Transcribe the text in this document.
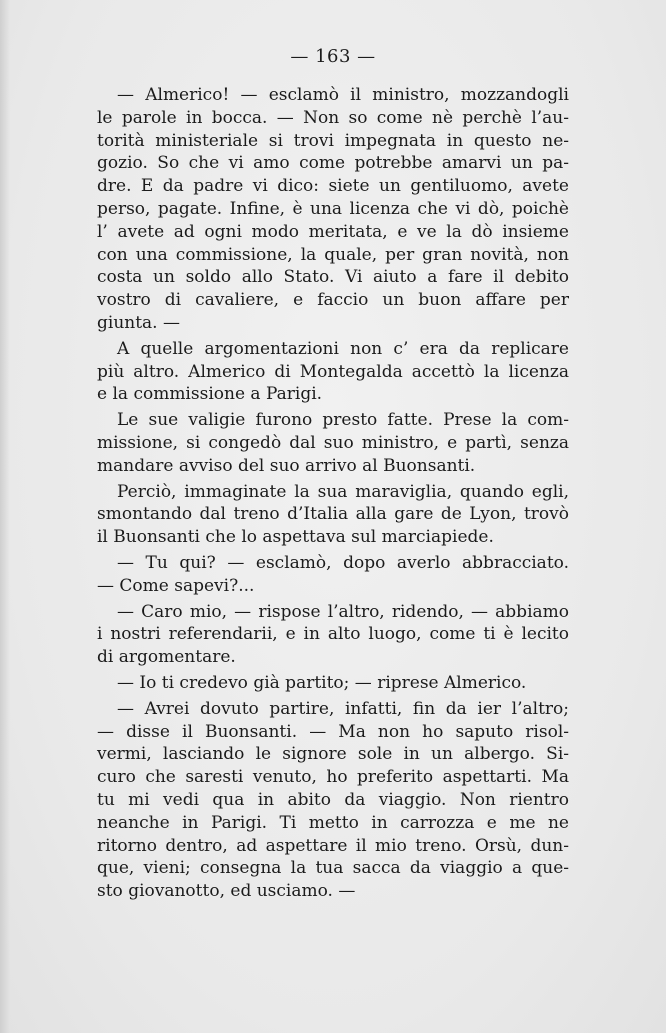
— 163 —
— Almerico! — esclamò il ministro, mozzandogli
le parole in bocca. — Non so come nè perchè l’au-
torità ministeriale si trovi impegnata in questo ne-
gozio. So che vi amo come potrebbe amarvi un pa-
dre. E da padre vi dico: siete un gentiluomo, avete
perso, pagate. Infine, è una licenza che vi dò, poichè
l’ avete ad ogni modo meritata, e ve la dò insieme
con una commissione, la quale, per gran novità, non
costa un soldo allo Stato. Vi aiuto a fare il debito
vostro di cavaliere, e faccio un buon affare per
giunta. —
A quelle argomentazioni non c’ era da replicare
più altro. Almerico di Montegalda accettò la licenza
e la commissione a Parigi.
Le sue valigie furono presto fatte. Prese la com-
missione, si congedò dal suo ministro, e partì, senza
mandare avviso del suo arrivo al Buonsanti.
Perciò, immaginate la sua maraviglia, quando egli,
smontando dal treno d’Italia alla gare de Lyon, trovò
il Buonsanti che lo aspettava sul marciapiede.
— Tu qui? — esclamò, dopo averlo abbracciato.
— Come sapevi?...
— Caro mio, — rispose l’altro, ridendo, — abbiamo
i nostri referendarii, e in alto luogo, come ti è lecito
di argomentare.
— Io ti credevo già partito; — riprese Almerico.
— Avrei dovuto partire, infatti, fin da ier l’altro;
— disse il Buonsanti. — Ma non ho saputo risol-
vermi, lasciando le signore sole in un albergo. Si-
curo che saresti venuto, ho preferito aspettarti. Ma
tu mi vedi qua in abito da viaggio. Non rientro
neanche in Parigi. Ti metto in carrozza e me ne
ritorno dentro, ad aspettare il mio treno. Orsù, dun-
que, vieni; consegna la tua sacca da viaggio a que-
sto giovanotto, ed usciamo. —
